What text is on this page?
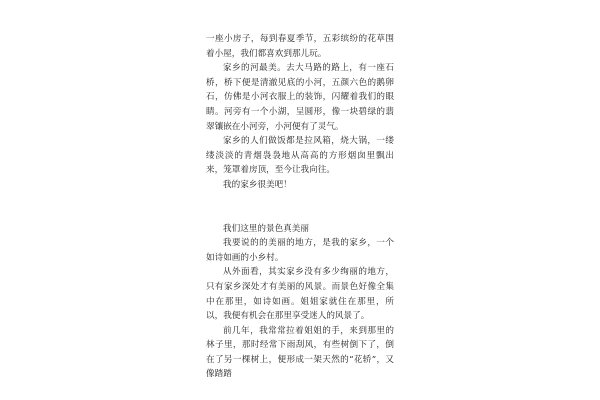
一座小房子，每到春夏季节，五彩缤纷的花草围着小屋，我们都喜欢到那儿玩。

家乡的河最美。去大马路的路上，有一座石桥，桥下便是清澈见底的小河，五颜六色的鹅卵石，仿佛是小河衣服上的装饰，闪耀着我们的眼睛。河旁有一个小湖，呈圆形，像一块碧绿的翡翠镶嵌在小河旁，小河便有了灵气。

家乡的人们做饭都是拉风箱，烧大锅，一缕缕淡淡的青烟袅袅地从高高的方形烟囱里飘出来，笼罩着房顶，至今让我向往。

我的家乡很美吧！

我们这里的景色真美丽

我要说的的美丽的地方，是我的家乡，一个如诗如画的小乡村。

从外面看，其实家乡没有多少绚丽的地方，只有家乡深处才有美丽的风景。而景色好像全集中在那里，如诗如画。姐姐家就住在那里，所以，我便有机会在那里享受迷人的风景了。

前几年，我常常拉着姐姐的手，来到那里的林子里，那时经常下雨刮风，有些树倒下了，倒在了另一棵树上，便形成一架天然的“花轿”，又像踏踏
